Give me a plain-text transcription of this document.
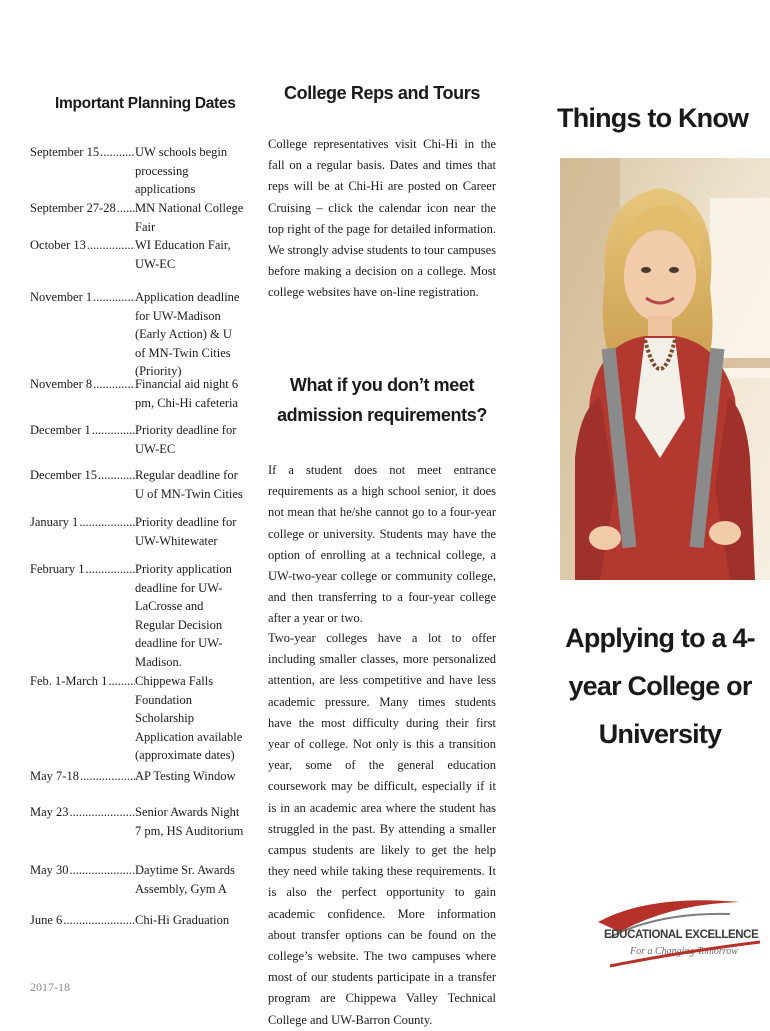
Important Planning Dates
September 15 .....	UW schools begin processing applications
September 27-28 .....	MN National College Fair
October 13 .....	WI Education Fair, UW-EC
November 1 .....	Application deadline for UW-Madison (Early Action) & U of MN-Twin Cities (Priority)
November 8 .....	Financial aid night 6 pm, Chi-Hi cafeteria
December 1 .....	Priority deadline for UW-EC
December 15 .....	Regular deadline for U of MN-Twin Cities
January 1 .....	Priority deadline for UW-Whitewater
February 1 .....	Priority application deadline for UW-LaCrosse and Regular Decision deadline for UW-Madison.
Feb. 1-March 1 .....	Chippewa Falls Foundation Scholarship Application available (approximate dates)
May 7-18 .....	AP Testing Window
May 23 .....	Senior Awards Night 7 pm, HS Auditorium
May 30 .....	Daytime Sr. Awards Assembly, Gym A
June 6 .....	Chi-Hi Graduation
2017-18
College Reps and Tours
College representatives visit Chi-Hi in the fall on a regular basis. Dates and times that reps will be at Chi-Hi are posted on Career Cruising – click the calendar icon near the top right of the page for detailed information. We strongly advise students to tour campuses before making a decision on a college. Most college websites have on-line registration.
What if you don’t meet admission requirements?
If a student does not meet entrance requirements as a high school senior, it does not mean that he/she cannot go to a four-year college or university. Students may have the option of enrolling at a technical college, a UW-two-year college or community college, and then transferring to a four-year college after a year or two.
Two-year colleges have a lot to offer including smaller classes, more personalized attention, are less competitive and have less academic pressure. Many times students have the most difficulty during their first year of college. Not only is this a transition year, some of the general education coursework may be difficult, especially if it is in an academic area where the student has struggled in the past. By attending a smaller campus students are likely to get the help they need while taking these requirements. It is also the perfect opportunity to gain academic confidence. More information about transfer options can be found on the college’s website. The two campuses where most of our students participate in a transfer program are Chippewa Valley Technical College and UW-Barron County.
Things to Know
Applying to a 4-year College or University
EDUCATIONAL EXCELLENCE
For a Changing Tomorrow
